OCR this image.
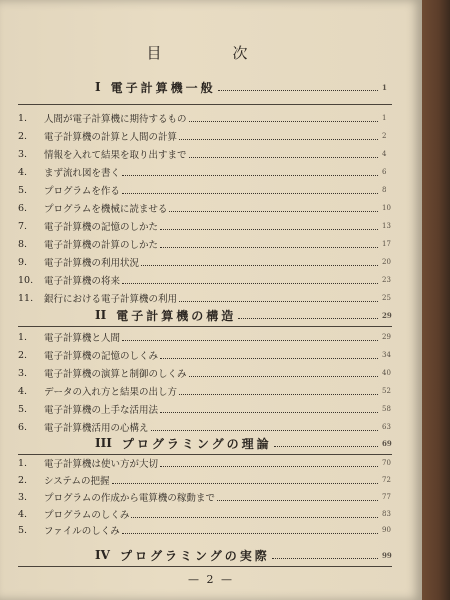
目　次
I 電子計算機一般	1
1.	人間が電子計算機に期待するもの	1
2.	電子計算機の計算と人間の計算	2
3.	情報を入れて結果を取り出すまで	4
4.	まず流れ図を書く	6
5.	プログラムを作る	8
6.	プログラムを機械に読ませる	10
7.	電子計算機の記憶のしかた	13
8.	電子計算機の計算のしかた	17
9.	電子計算機の利用状況	20
10.	電子計算機の将来	23
11.	銀行における電子計算機の利用	25
II 電子計算機の構造	29
1.	電子計算機と人間	29
2.	電子計算機の記憶のしくみ	34
3.	電子計算機の演算と制御のしくみ	40
4.	データの入れ方と結果の出し方	52
5.	電子計算機の上手な活用法	58
6.	電子計算機活用の心構え	63
III プログラミングの理論	69
1.	電子計算機は使い方が大切	70
2.	システムの把握	72
3.	プログラムの作成から電算機の稼動まで	77
4.	プログラムのしくみ	83
5.	ファイルのしくみ	90
IV プログラミングの実際	99
— 2 —
